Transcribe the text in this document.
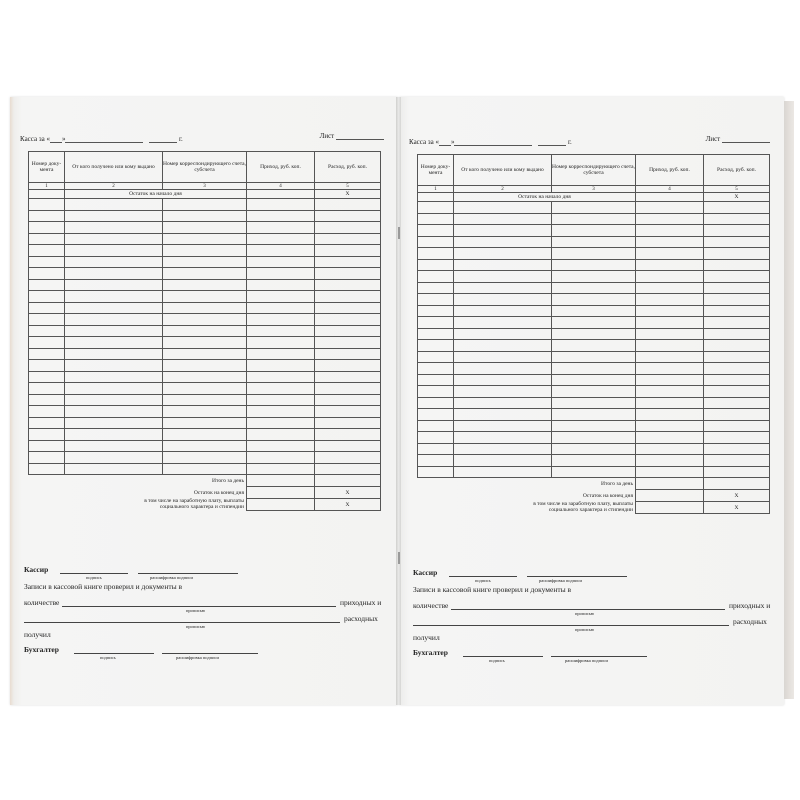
Касса за « »	г.	Лист
Номер доку- мента	От кого получено или кому выдано	Номер корреспондирующего счета, субсчета	Приход, руб. коп.	Расход, руб. коп.
1	2	3	4	5
	Остаток на начало дня			Х

Итого за день				
Остаток на конец дня				Х
в том числе на заработную плату, выплаты
социального характера и стипендии				Х
Кассир
подпись	расшифровка подписи
Записи в кассовой книге проверил и документы в
количестве	приходных и
прописью
расходных
прописью
получил
Бухгалтер
подпись	расшифровка подписи
Касса за « »	г.	Лист
Номер доку- мента	От кого получено или кому выдано	Номер корреспондирующего счета, субсчета	Приход, руб. коп.	Расход, руб. коп.
1	2	3	4	5
	Остаток на начало дня			Х

Итого за день				
Остаток на конец дня				Х
в том числе на заработную плату, выплаты
социального характера и стипендии				Х
Кассир
подпись	расшифровка подписи
Записи в кассовой книге проверил и документы в
количестве	приходных и
прописью
расходных
прописью
получил
Бухгалтер
подпись	расшифровка подписи
